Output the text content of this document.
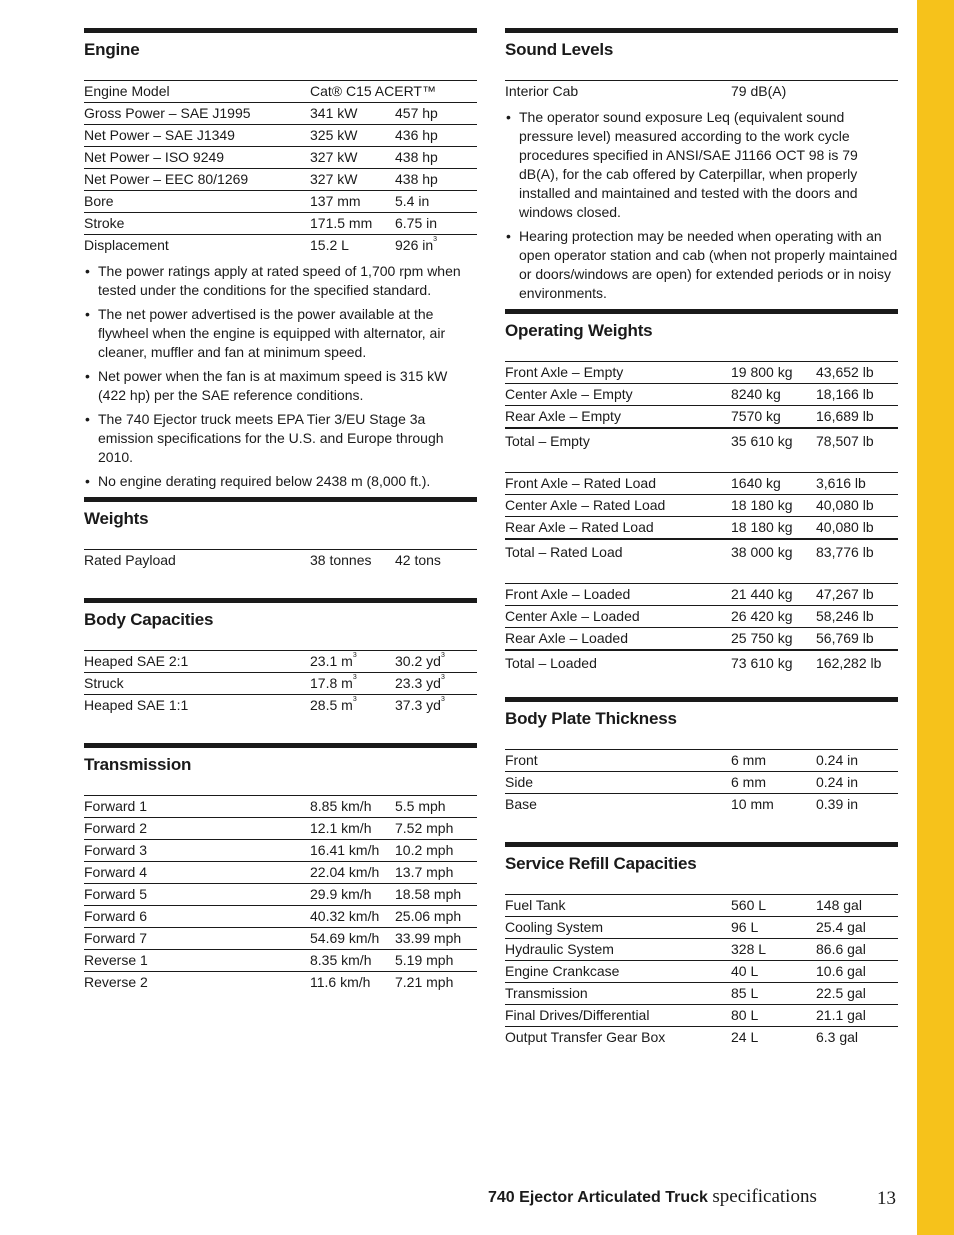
Engine
Engine Model	Cat® C15 ACERT™
Gross Power – SAE J1995	341 kW	457 hp
Net Power – SAE J1349	325 kW	436 hp
Net Power – ISO 9249	327 kW	438 hp
Net Power – EEC 80/1269	327 kW	438 hp
Bore	137 mm 5.4 in
Stroke	171.5 mm 6.75 in
Displacement	15.2 L	926 $in^3$
• The power ratings apply at rated speed of 1,700 rpm when tested under the conditions for the specified standard.
• The net power advertised is the power available at the flywheel when the engine is equipped with alternator, air cleaner, muffler and fan at minimum speed.
• Net power when the fan is at maximum speed is 315 kW (422 hp) per the SAE reference conditions.
• The 740 Ejector truck meets EPA Tier 3/EU Stage 3a emission specifications for the U.S. and Europe through 2010.
• No engine derating required below 2438 m (8,000 ft.).
Weights
Rated Payload	38 tonnes 42 tons
Body Capacities
Heaped SAE 2:1	23.1 $m^3$	30.2 $yd^3$
Struck	17.8 $m^3$	23.3 $yd^3$
Heaped SAE 1:1	28.5 $m^3$	37.3 $yd^3$
Transmission
Forward 1	8.85 km/h 5.5 mph
Forward 2	12.1 km/h 7.52 mph
Forward 3	16.41 km/h 10.2 mph
Forward 4	22.04 km/h 13.7 mph
Forward 5	29.9 km/h 18.58 mph
Forward 6	40.32 km/h 25.06 mph
Forward 7	54.69 km/h 33.99 mph
Reverse 1	8.35 km/h 5.19 mph
Reverse 2	11.6 km/h 7.21 mph
Sound Levels
Interior Cab	79 dB(A)
• The operator sound exposure Leq (equivalent sound pressure level) measured according to the work cycle procedures specified in ANSI/SAE J1166 OCT 98 is 79 dB(A), for the cab offered by Caterpillar, when properly installed and maintained and tested with the doors and windows closed.
• Hearing protection may be needed when operating with an open operator station and cab (when not properly maintained or doors/windows are open) for extended periods or in noisy environments.
Operating Weights
Front Axle – Empty	19 800 kg 43,652 lb
Center Axle – Empty	8240 kg	18,166 lb
Rear Axle – Empty	7570 kg	16,689 lb
Total – Empty	35 610 kg 78,507 lb
Front Axle – Rated Load	1640 kg	3,616 lb
Center Axle – Rated Load	18 180 kg 40,080 lb
Rear Axle – Rated Load	18 180 kg 40,080 lb
Total – Rated Load	38 000 kg 83,776 lb
Front Axle – Loaded	21 440 kg 47,267 lb
Center Axle – Loaded	26 420 kg 58,246 lb
Rear Axle – Loaded	25 750 kg 56,769 lb
Total – Loaded	73 610 kg 162,282 lb
Body Plate Thickness
Front	6 mm	0.24 in
Side	6 mm	0.24 in
Base	10 mm	0.39 in
Service Refill Capacities
Fuel Tank	560 L	148 gal
Cooling System	96 L	25.4 gal
Hydraulic System	328 L	86.6 gal
Engine Crankcase	40 L	10.6 gal
Transmission	85 L	22.5 gal
Final Drives/Differential	80 L	21.1 gal
Output Transfer Gear Box	24 L	6.3 gal
740 Ejector Articulated Truck specifications	13
